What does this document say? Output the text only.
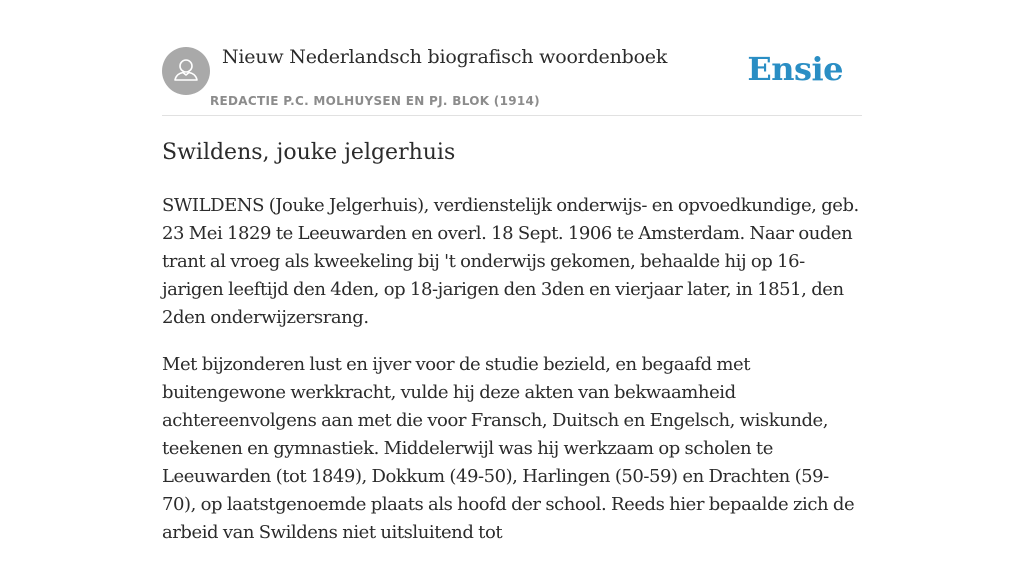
Nieuw Nederlandsch biografisch woordenboek
REDACTIE P.C. MOLHUYSEN EN PJ. BLOK (1914)
Ensie
Swildens, jouke jelgerhuis

SWILDENS (Jouke Jelgerhuis), verdienstelijk onderwijs- en opvoedkundige, geb. 23 Mei 1829 te Leeuwarden en overl. 18 Sept. 1906 te Amsterdam. Naar ouden trant al vroeg als kweekeling bij 't onderwijs gekomen, behaalde hij op 16-jarigen leeftijd den 4den, op 18-jarigen den 3den en vierjaar later, in 1851, den 2den onderwijzersrang.

Met bijzonderen lust en ijver voor de studie bezield, en begaafd met buitengewone werkkracht, vulde hij deze akten van bekwaamheid achtereenvolgens aan met die voor Fransch, Duitsch en Engelsch, wiskunde, teekenen en gymnastiek. Middelerwijl was hij werkzaam op scholen te Leeuwarden (tot 1849), Dokkum (49-50), Harlingen (50-59) en Drachten (59-70), op laatstgenoemde plaats als hoofd der school. Reeds hier bepaalde zich de arbeid van Swildens niet uitsluitend tot
